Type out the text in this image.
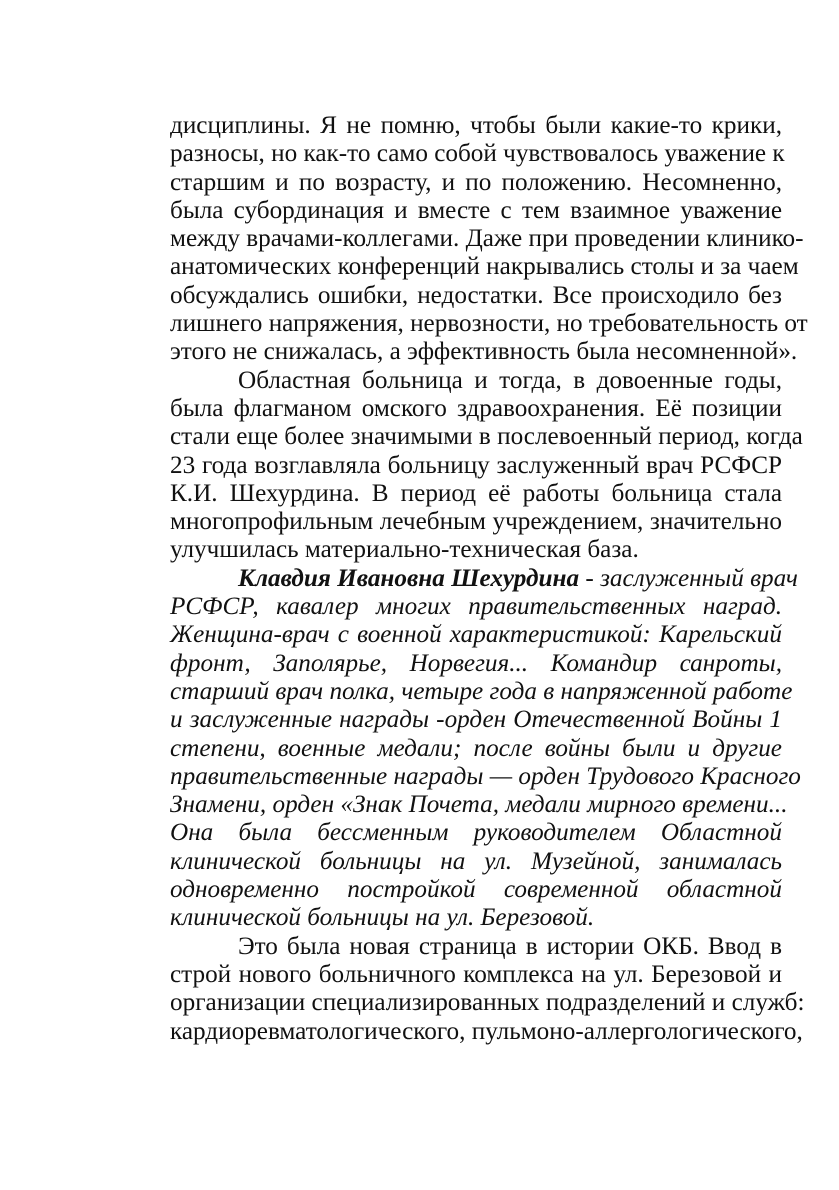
дисциплины. Я не помню, чтобы были какие-то крики,
разносы, но как-то само собой чувствовалось уважение к
старшим и по возрасту, и по положению. Несомненно,
была субординация и вместе с тем взаимное уважение
между врачами-коллегами. Даже при проведении клинико-
анатомических конференций накрывались столы и за чаем
обсуждались ошибки, недостатки. Все происходило без
лишнего напряжения, нервозности, но требовательность от
этого не снижалась, а эффективность была несомненной».
Областная больница и тогда, в довоенные годы,
была флагманом омского здравоохранения. Её позиции
стали еще более значимыми в послевоенный период, когда
23 года возглавляла больницу заслуженный врач РСФСР
К.И. Шехурдина. В период её работы больница стала
многопрофильным лечебным учреждением, значительно
улучшилась материально-техническая база.
Клавдия Ивановна Шехурдина - заслуженный врач
РСФСР, кавалер многих правительственных наград.
Женщина-врач с военной характеристикой: Карельский
фронт, Заполярье, Норвегия... Командир санроты,
старший врач полка, четыре года в напряженной работе
и заслуженные награды -орден Отечественной Войны 1
степени, военные медали; после войны были и другие
правительственные награды — орден Трудового Красного
Знамени, орден «Знак Почета, медали мирного времени...
Она была бессменным руководителем Областной
клинической больницы на ул. Музейной, занималась
одновременно постройкой современной областной
клинической больницы на ул. Березовой.
Это была новая страница в истории ОКБ. Ввод в
строй нового больничного комплекса на ул. Березовой и
организации специализированных подразделений и служб:
кардиоревматологического, пульмоно-аллергологического,
